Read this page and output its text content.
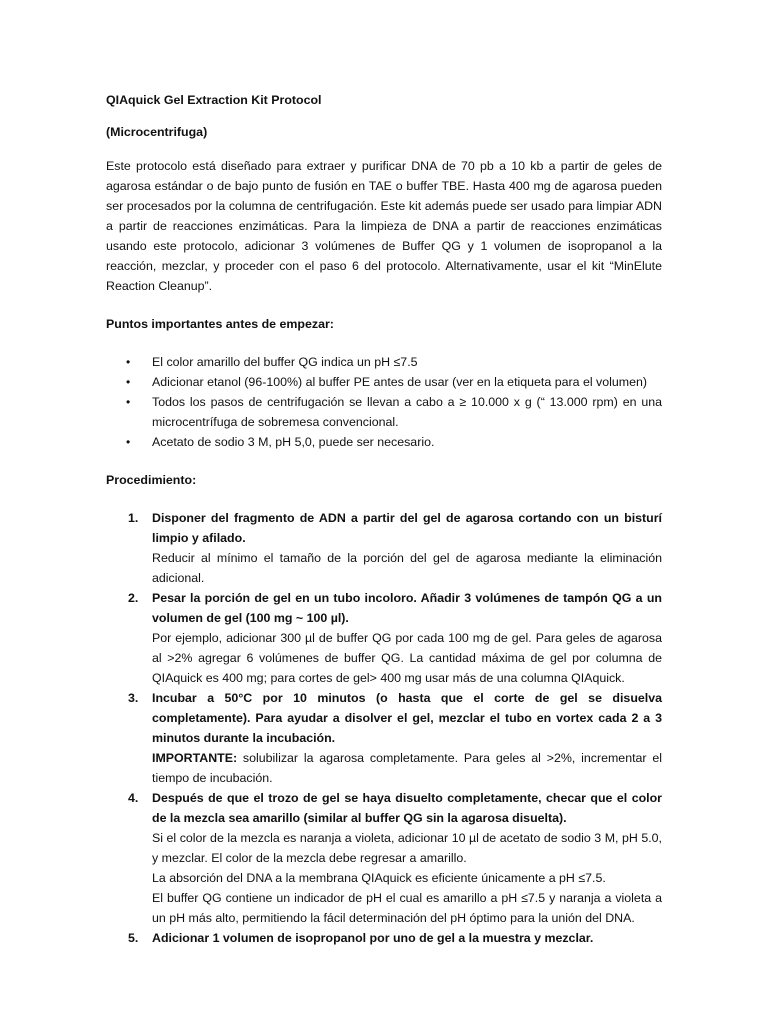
QIAquick Gel Extraction Kit Protocol

(Microcentrifuga)

Este protocolo está diseñado para extraer y purificar DNA de 70 pb a 10 kb a partir de geles de agarosa estándar o de bajo punto de fusión en TAE o buffer TBE. Hasta 400 mg de agarosa pueden ser procesados por la columna de centrifugación. Este kit además puede ser usado para limpiar ADN a partir de reacciones enzimáticas. Para la limpieza de DNA a partir de reacciones enzimáticas usando este protocolo, adicionar 3 volúmenes de Buffer QG y 1 volumen de isopropanol a la reacción, mezclar, y proceder con el paso 6 del protocolo. Alternativamente, usar el kit “MinElute Reaction Cleanup”.

Puntos importantes antes de empezar:

• El color amarillo del buffer QG indica un pH ≤7.5
• Adicionar etanol (96-100%) al buffer PE antes de usar (ver en la etiqueta para el volumen)
• Todos los pasos de centrifugación se llevan a cabo a ≥ 10.000 x g (“ 13.000 rpm) en una microcentrífuga de sobremesa convencional.
• Acetato de sodio 3 M, pH 5,0, puede ser necesario.

Procedimiento:

1. Disponer del fragmento de ADN a partir del gel de agarosa cortando con un bisturí limpio y afilado.
Reducir al mínimo el tamaño de la porción del gel de agarosa mediante la eliminación adicional.
2. Pesar la porción de gel en un tubo incoloro. Añadir 3 volúmenes de tampón QG a un volumen de gel (100 mg ~ 100 µl).
Por ejemplo, adicionar 300 µl de buffer QG por cada 100 mg de gel. Para geles de agarosa al >2% agregar 6 volúmenes de buffer QG. La cantidad máxima de gel por columna de QIAquick es 400 mg; para cortes de gel> 400 mg usar más de una columna QIAquick.
3. Incubar a 50°C por 10 minutos (o hasta que el corte de gel se disuelva completamente). Para ayudar a disolver el gel, mezclar el tubo en vortex cada 2 a 3 minutos durante la incubación.
IMPORTANTE: solubilizar la agarosa completamente. Para geles al >2%, incrementar el tiempo de incubación.
4. Después de que el trozo de gel se haya disuelto completamente, checar que el color de la mezcla sea amarillo (similar al buffer QG sin la agarosa disuelta).
Si el color de la mezcla es naranja a violeta, adicionar 10 µl de acetato de sodio 3 M, pH 5.0, y mezclar. El color de la mezcla debe regresar a amarillo.
La absorción del DNA a la membrana QIAquick es eficiente únicamente a pH ≤7.5.
El buffer QG contiene un indicador de pH el cual es amarillo a pH ≤7.5 y naranja a violeta a un pH más alto, permitiendo la fácil determinación del pH óptimo para la unión del DNA.
5. Adicionar 1 volumen de isopropanol por uno de gel a la muestra y mezclar.
